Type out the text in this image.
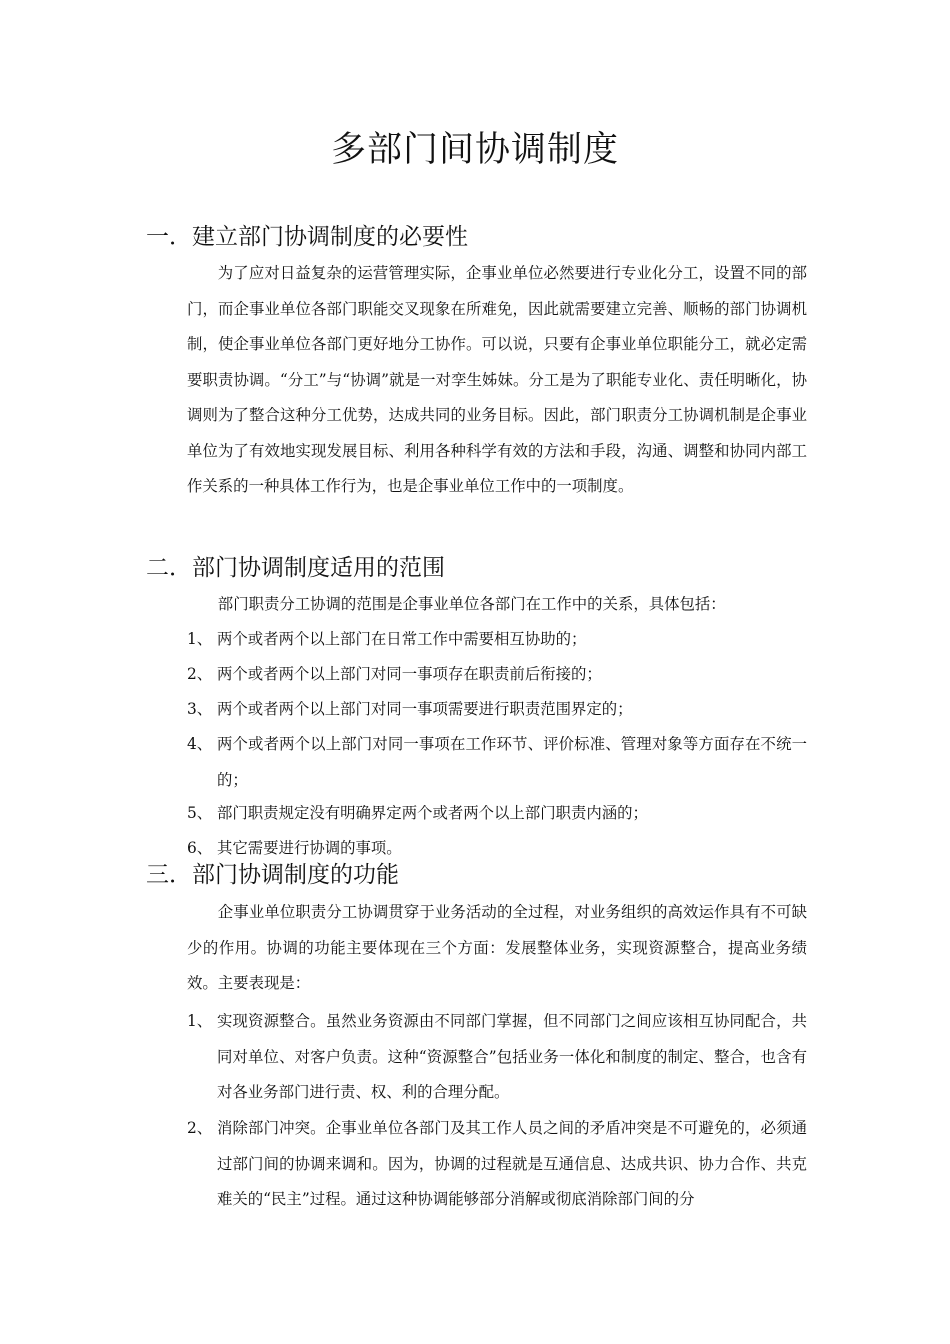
多部门间协调制度
一．建立部门协调制度的必要性

为了应对日益复杂的运营管理实际，企事业单位必然要进行专业化分工，设置不同的部门，而企事业单位各部门职能交叉现象在所难免，因此就需要建立完善、顺畅的部门协调机制，使企事业单位各部门更好地分工协作。可以说，只要有企事业单位职能分工，就必定需要职责协调。“分工”与“协调”就是一对孪生姊妹。分工是为了职能专业化、责任明晰化，协调则为了整合这种分工优势，达成共同的业务目标。因此，部门职责分工协调机制是企事业单位为了有效地实现发展目标、利用各种科学有效的方法和手段，沟通、调整和协同内部工作关系的一种具体工作行为，也是企事业单位工作中的一项制度。

二．部门协调制度适用的范围

部门职责分工协调的范围是企事业单位各部门在工作中的关系，具体包括：

1、 两个或者两个以上部门在日常工作中需要相互协助的；
2、 两个或者两个以上部门对同一事项存在职责前后衔接的；
3、 两个或者两个以上部门对同一事项需要进行职责范围界定的；
4、 两个或者两个以上部门对同一事项在工作环节、评价标准、管理对象等方面存在不统一的；
5、 部门职责规定没有明确界定两个或者两个以上部门职责内涵的；
6、 其它需要进行协调的事项。
三．部门协调制度的功能

企事业单位职责分工协调贯穿于业务活动的全过程，对业务组织的高效运作具有不可缺少的作用。协调的功能主要体现在三个方面：发展整体业务，实现资源整合，提高业务绩效。主要表现是：

1、 实现资源整合。虽然业务资源由不同部门掌握，但不同部门之间应该相互协同配合，共同对单位、对客户负责。这种“资源整合”包括业务一体化和制度的制定、整合，也含有对各业务部门进行责、权、利的合理分配。
2、 消除部门冲突。企事业单位各部门及其工作人员之间的矛盾冲突是不可避免的，必须通过部门间的协调来调和。因为，协调的过程就是互通信息、达成共识、协力合作、共克难关的“民主”过程。通过这种协调能够部分消解或彻底消除部门间的分
